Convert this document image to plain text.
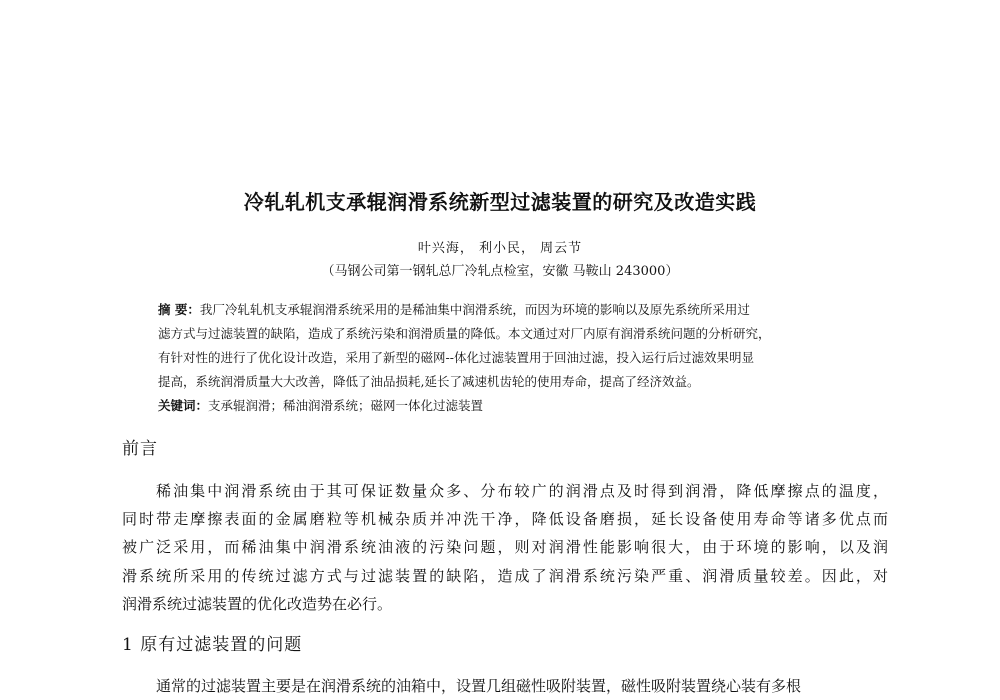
冷轧轧机支承辊润滑系统新型过滤装置的研究及改造实践
叶兴海， 利小民， 周云节
（马钢公司第一钢轧总厂冷轧点检室，安徽 马鞍山 243000）
摘 要：我厂冷轧轧机支承辊润滑系统采用的是稀油集中润滑系统，而因为环境的影响以及原先系统所采用过
滤方式与过滤装置的缺陷，造成了系统污染和润滑质量的降低。本文通过对厂内原有润滑系统问题的分析研究，
有针对性的进行了优化设计改造，采用了新型的磁网--体化过滤装置用于回油过滤，投入运行后过滤效果明显
提高，系统润滑质量大大改善，降低了油品损耗,延长了减速机齿轮的使用寿命，提高了经济效益。
关键词：支承辊润滑；稀油润滑系统；磁网一体化过滤装置
前言
稀油集中润滑系统由于其可保证数量众多、分布较广的润滑点及时得到润滑，降低摩擦点的温度，
同时带走摩擦表面的金属磨粒等机械杂质并冲洗干净，降低设备磨损，延长设备使用寿命等诸多优点而
被广泛采用，而稀油集中润滑系统油液的污染问题，则对润滑性能影响很大，由于环境的影响，以及润
滑系统所采用的传统过滤方式与过滤装置的缺陷，造成了润滑系统污染严重、润滑质量较差。因此，对
润滑系统过滤装置的优化改造势在必行。
1 原有过滤装置的问题
通常的过滤装置主要是在润滑系统的油箱中，设置几组磁性吸附装置，磁性吸附装置绕心装有多根
